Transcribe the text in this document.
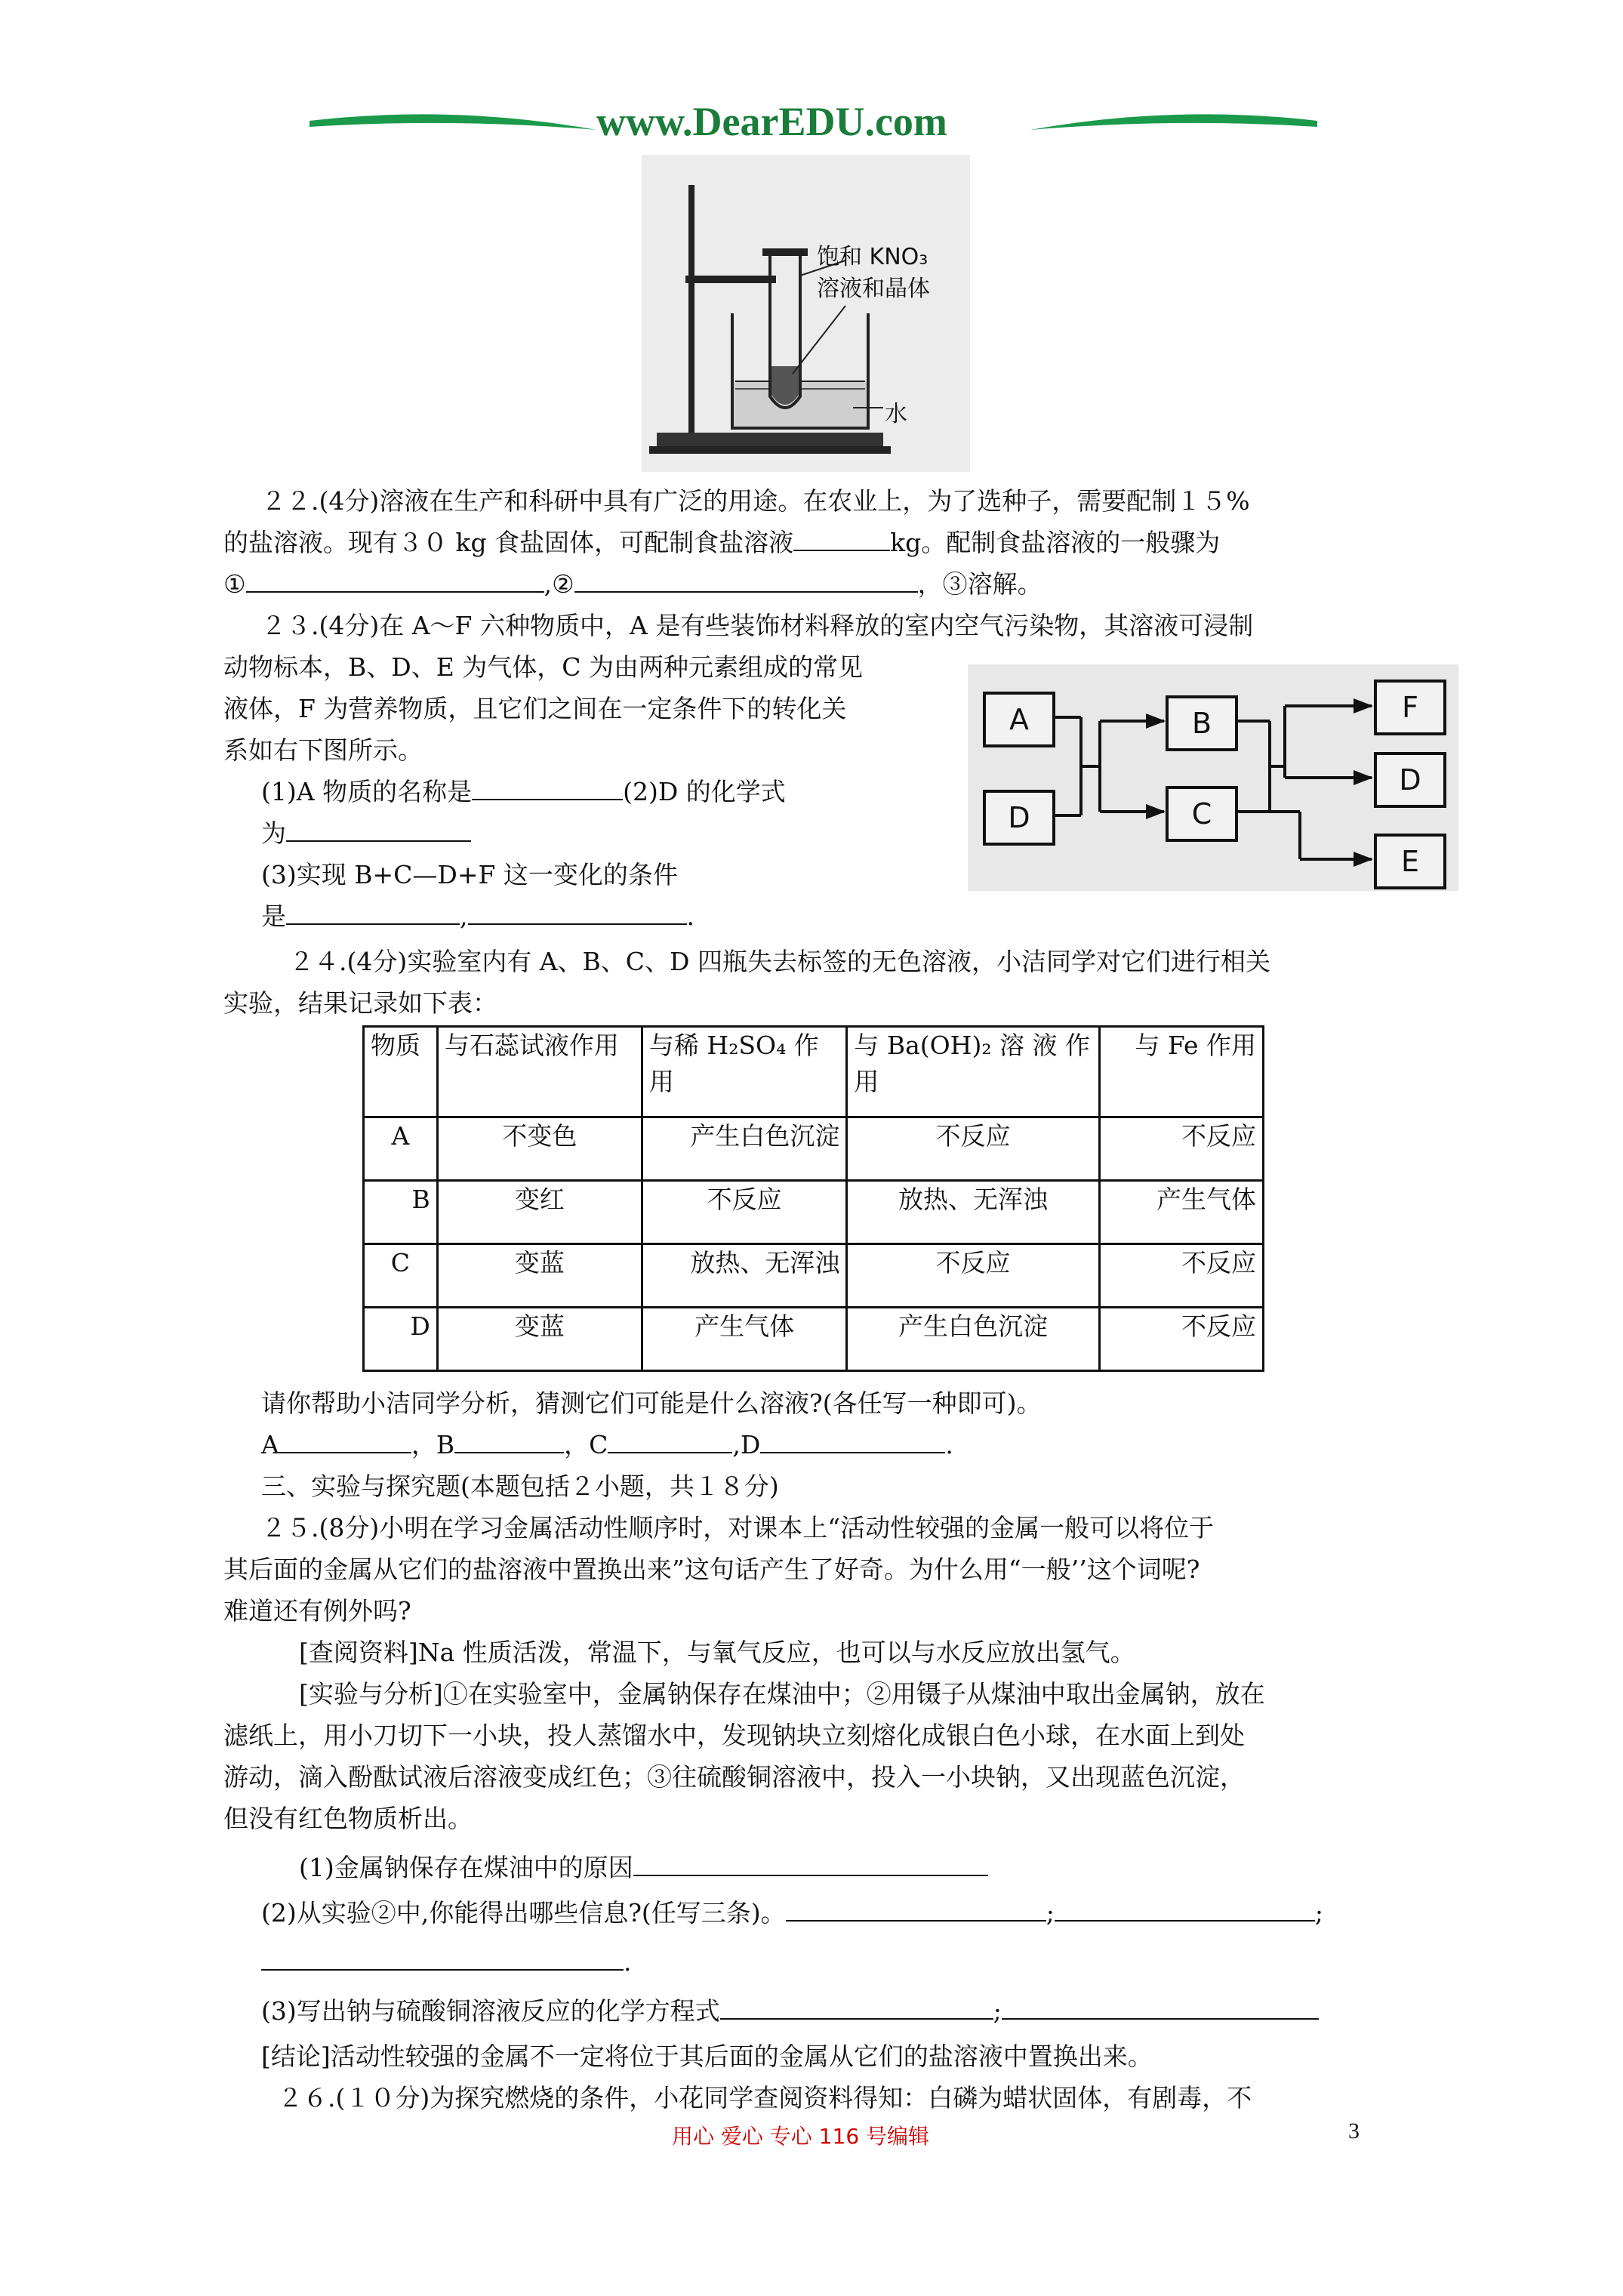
www.DearEDU.com
饱和 KNO₃
溶液和晶体
水
２２.(4分)溶液在生产和科研中具有广泛的用途。在农业上，为了选种子，需要配制１５%
的盐溶液。现有３０ kg 食盐固体，可配制食盐溶液	kg。配制食盐溶液的一般骤为
①	,②	，③溶解。
２３.(4分)在 A～F 六种物质中，A 是有些装饰材料释放的室内空气污染物，其溶液可浸制
动物标本，B、D、E 为气体，C 为由两种元素组成的常见
液体，F 为营养物质，且它们之间在一定条件下的转化关
系如右下图所示。
(1)A 物质的名称是	(2)D 的化学式
为
(3)实现 B+C—D+F 这一变化的条件
是	,	.
A
D
B
C
F
D
E
２４.(4分)实验室内有 A、B、C、D 四瓶失去标签的无色溶液，小洁同学对它们进行相关
实验，结果记录如下表：
物质	与石蕊试液作用	与稀 H₂SO₄ 作用	与 Ba(OH)₂ 溶 液 作用	与 Fe 作用
A	不变色	产生白色沉淀	不反应	不反应
B	变红	不反应	放热、无浑浊	产生气体
C	变蓝	放热、无浑浊	不反应	不反应
D	变蓝	产生气体	产生白色沉淀	不反应
请你帮助小洁同学分析，猜测它们可能是什么溶液?(各任写一种即可)。
A	，B	，C	,D	.
三、实验与探究题(本题包括２小题，共１８分)
２５.(8分)小明在学习金属活动性顺序时，对课本上“活动性较强的金属一般可以将位于
其后面的金属从它们的盐溶液中置换出来”这句话产生了好奇。为什么用“一般’’这个词呢?
难道还有例外吗?
[查阅资料]Na 性质活泼，常温下，与氧气反应，也可以与水反应放出氢气。
[实验与分析]①在实验室中，金属钠保存在煤油中；②用镊子从煤油中取出金属钠，放在
滤纸上，用小刀切下一小块，投人蒸馏水中，发现钠块立刻熔化成银白色小球，在水面上到处
游动，滴入酚酞试液后溶液变成红色；③往硫酸铜溶液中，投入一小块钠，又出现蓝色沉淀，
但没有红色物质析出。
(1)金属钠保存在煤油中的原因
(2)从实验②中,你能得出哪些信息?(任写三条)。	;	;
.
(3)写出钠与硫酸铜溶液反应的化学方程式	;
[结论]活动性较强的金属不一定将位于其后面的金属从它们的盐溶液中置换出来。
２６.(１０分)为探究燃烧的条件，小花同学查阅资料得知：白磷为蜡状固体，有剧毒，不
用心 爱心 专心 116 号编辑	3
